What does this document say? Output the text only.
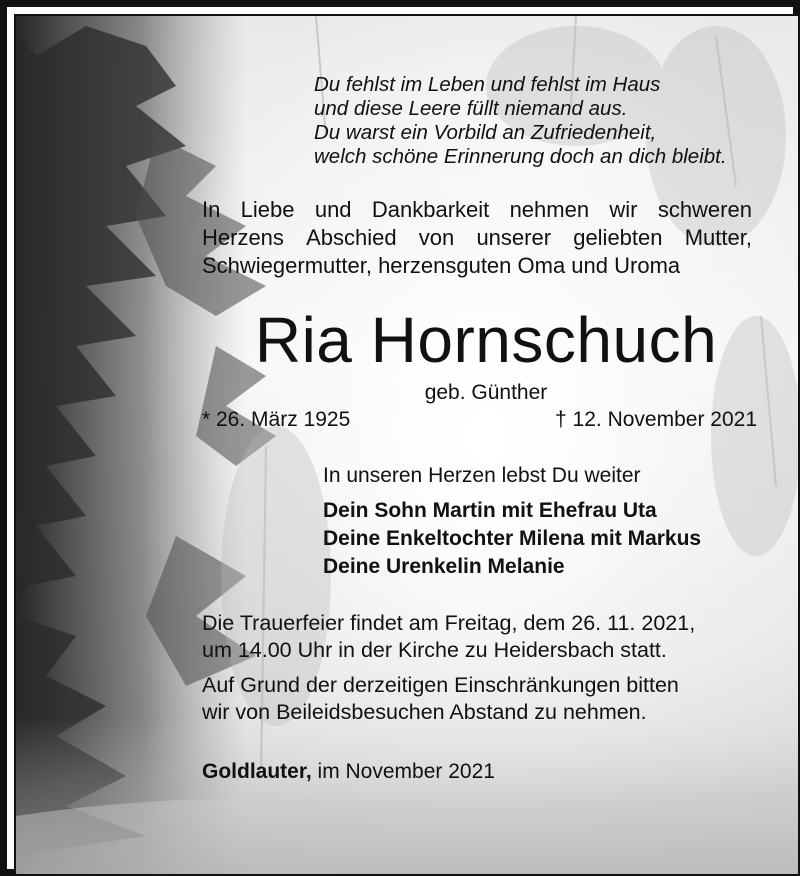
Du fehlst im Leben und fehlst im Haus
und diese Leere füllt niemand aus.
Du warst ein Vorbild an Zufriedenheit,
welch schöne Erinnerung doch an dich bleibt.
In Liebe und Dankbarkeit nehmen wir schweren
Herzens Abschied von unserer geliebten Mutter,
Schwiegermutter, herzensguten Oma und Uroma
Ria Hornschuch
geb. Günther
* 26. März 1925	† 12. November 2021
In unseren Herzen lebst Du weiter
Dein Sohn Martin mit Ehefrau Uta
Deine Enkeltochter Milena mit Markus
Deine Urenkelin Melanie
Die Trauerfeier findet am Freitag, dem 26. 11. 2021,
um 14.00 Uhr in der Kirche zu Heidersbach statt.
Auf Grund der derzeitigen Einschränkungen bitten
wir von Beileidsbesuchen Abstand zu nehmen.
Goldlauter, im November 2021
